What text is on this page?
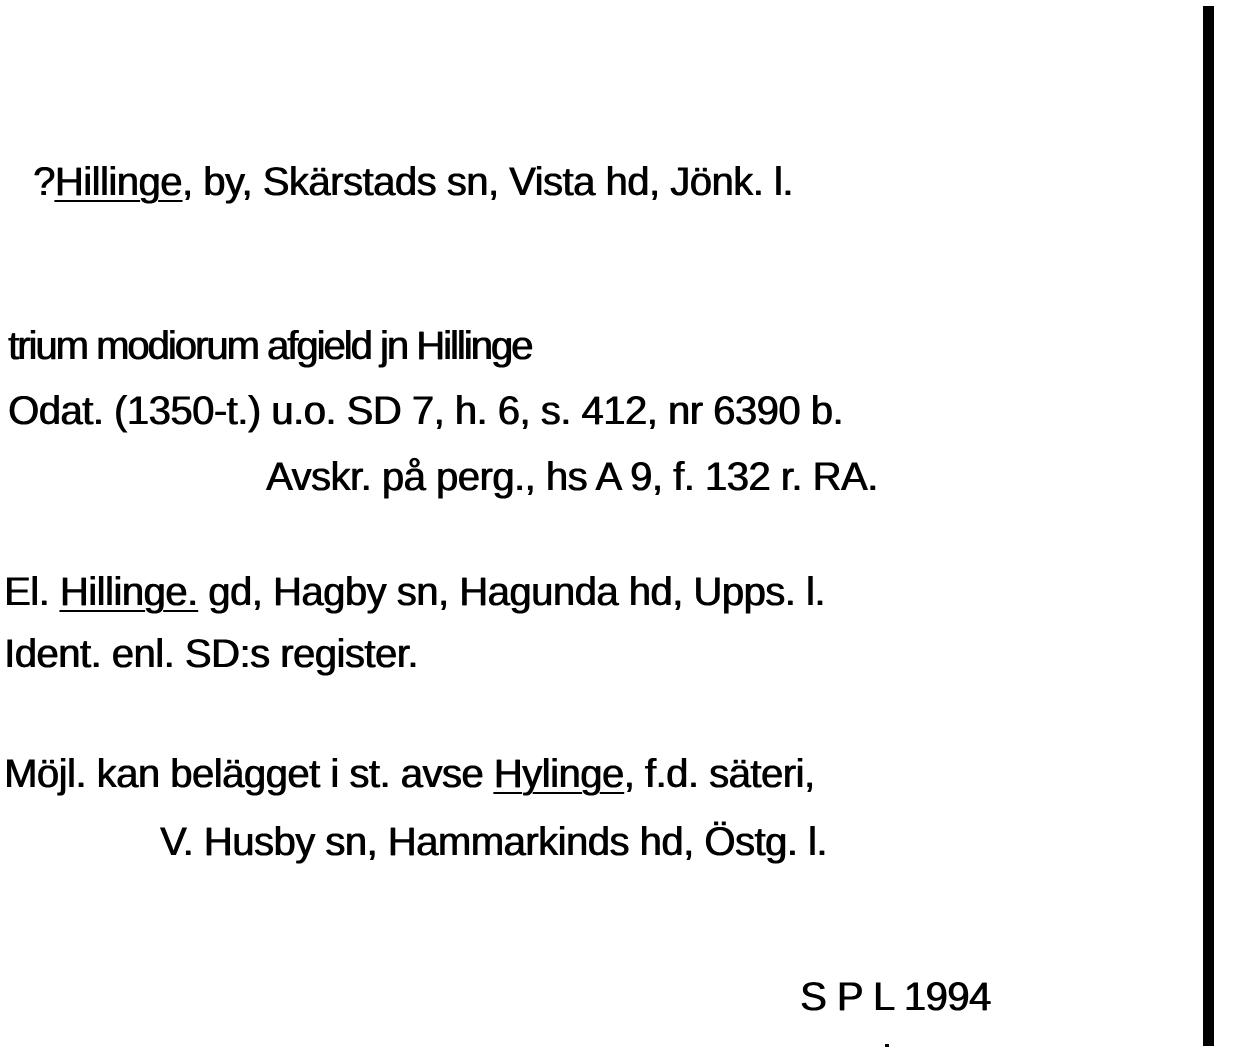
?Hillinge, by, Skärstads sn, Vista hd, Jönk. l.
trium modiorum afgield jn Hillinge
Odat. (1350-t.) u.o. SD 7, h. 6, s. 412, nr 6390 b.
Avskr. på perg., hs A 9, f. 132 r. RA.
El. Hillinge. gd, Hagby sn, Hagunda hd, Upps. l.
Ident. enl. SD:s register.
Möjl. kan belägget i st. avse Hylinge, f.d. säteri,
V. Husby sn, Hammarkinds hd, Östg. l.
S P L 1994
